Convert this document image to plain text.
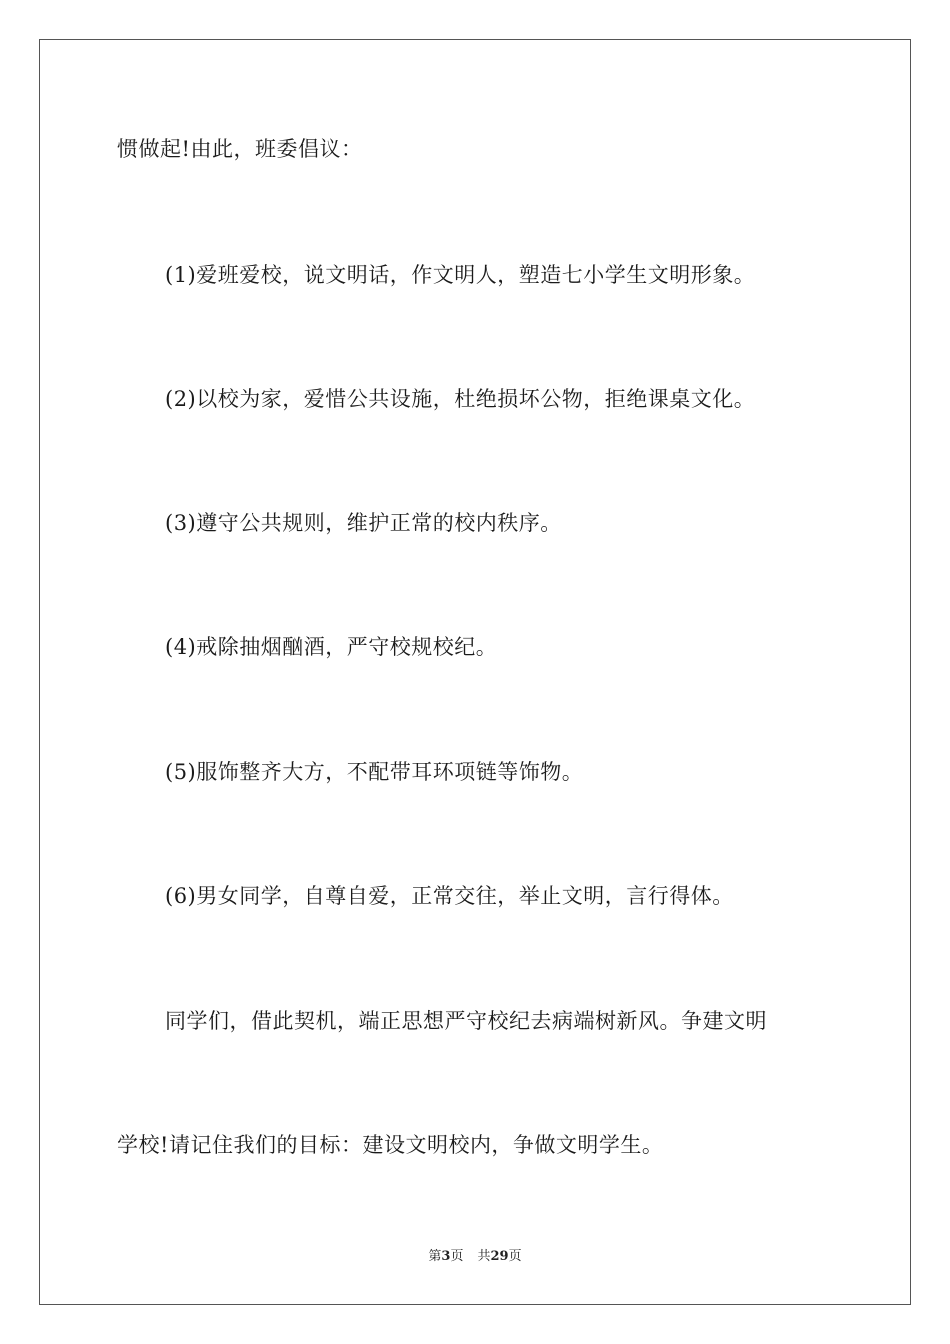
惯做起!由此，班委倡议：
(1)爱班爱校，说文明话，作文明人，塑造七小学生文明形象。
(2)以校为家，爱惜公共设施，杜绝损坏公物，拒绝课桌文化。
(3)遵守公共规则，维护正常的校内秩序。
(4)戒除抽烟酗酒，严守校规校纪。
(5)服饰整齐大方，不配带耳环项链等饰物。
(6)男女同学，自尊自爱，正常交往，举止文明，言行得体。
同学们，借此契机，端正思想严守校纪去病端树新风。争建文明
学校!请记住我们的目标：建设文明校内，争做文明学生。
第3页 共29页
